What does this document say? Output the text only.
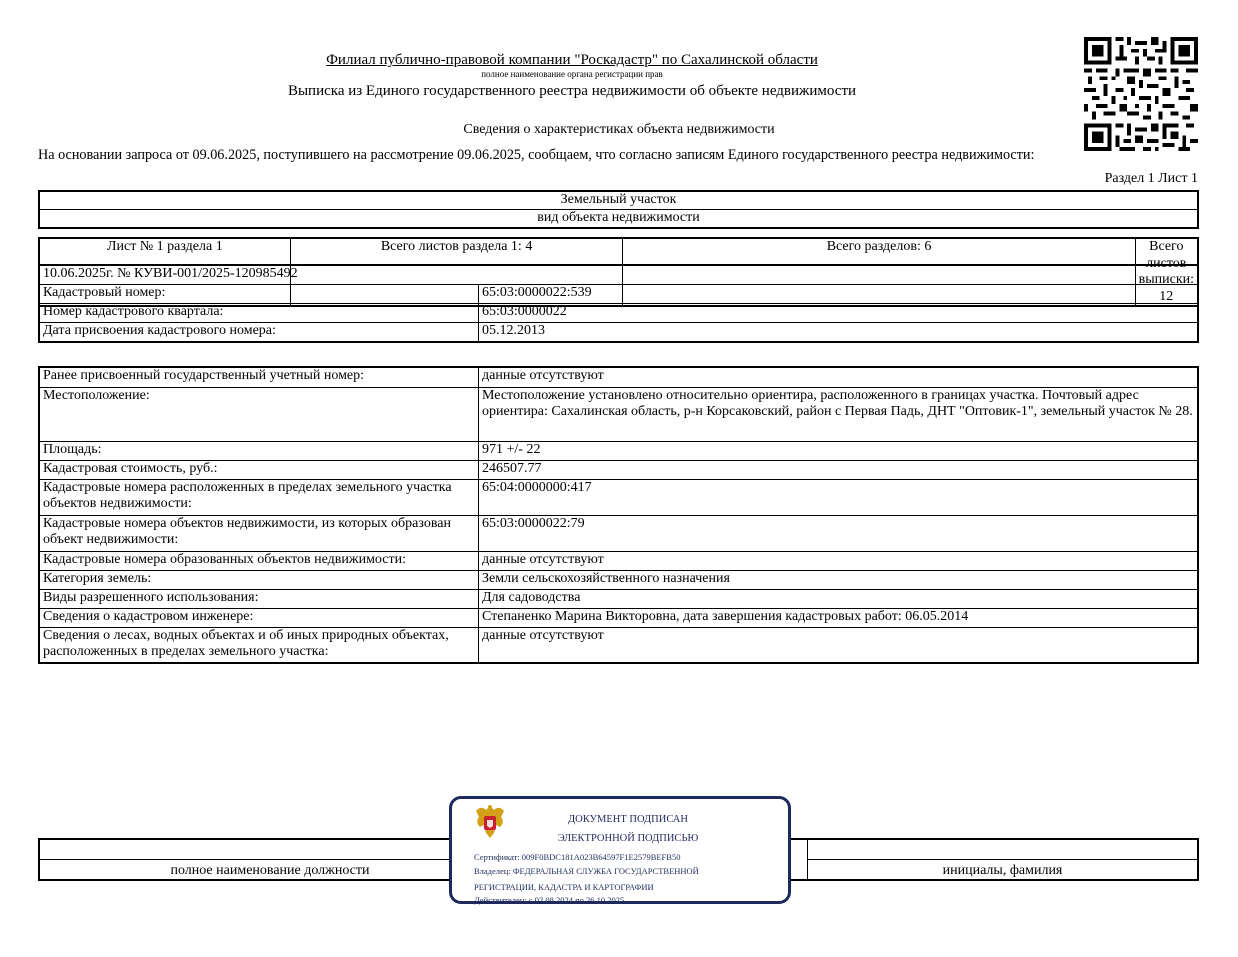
Филиал публично-правовой компании "Роскадастр" по Сахалинской области
полное наименование органа регистрации прав
Выписка из Единого государственного реестра недвижимости об объекте недвижимости
Сведения о характеристиках объекта недвижимости
На основании запроса от 09.06.2025, поступившего на рассмотрение 09.06.2025, сообщаем, что согласно записям Единого государственного реестра недвижимости:
Раздел 1 Лист 1
Земельный участок
вид объекта недвижимости
Лист № 1 раздела 1	Всего листов раздела 1: 4	Всего разделов: 6	Всего листов выписки: 12
10.06.2025г. № КУВИ-001/2025-120985492	
Кадастровый номер:	65:03:0000022:539
Номер кадастрового квартала:	65:03:0000022
Дата присвоения кадастрового номера:	05.12.2013
Ранее присвоенный государственный учетный номер:	данные отсутствуют
Местоположение:	Местоположение установлено относительно ориентира, расположенного в границах участка. Почтовый адрес ориентира: Сахалинская область, р-н Корсаковский, район с Первая Падь, ДНТ "Оптовик-1", земельный участок № 28.
Площадь:	971 +/- 22
Кадастровая стоимость, руб.:	246507.77
Кадастровые номера расположенных в пределах земельного участка объектов недвижимости:	65:04:0000000:417
Кадастровые номера объектов недвижимости, из которых образован объект недвижимости:	65:03:0000022:79
Кадастровые номера образованных объектов недвижимости:	данные отсутствуют
Категория земель:	Земли сельскохозяйственного назначения
Виды разрешенного использования:	Для садоводства
Сведения о кадастровом инженере:	Степаненко Марина Викторовна, дата завершения кадастровых работ: 06.05.2014
Сведения о лесах, водных объектах и об иных природных объектах, расположенных в пределах земельного участка:	данные отсутствуют

полное наименование должности		инициалы, фамилия
ДОКУМЕНТ ПОДПИСАН
ЭЛЕКТРОННОЙ ПОДПИСЬЮ
Сертификат: 009F0BDC181A023B64597F1E2579BEFB50
Владелец: ФЕДЕРАЛЬНАЯ СЛУЖБА ГОСУДАРСТВЕННОЙ
РЕГИСТРАЦИИ, КАДАСТРА И КАРТОГРАФИИ
Действителен: с 02.08.2024 по 26.10.2025
